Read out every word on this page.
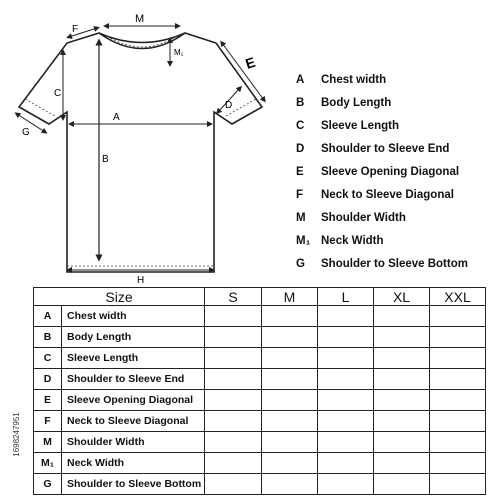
M
M₁
F
E
C
A
D
G
B
H
A	Chest width
B	Body Length
C	Sleeve Length
D	Shoulder to Sleeve End
E	Sleeve Opening Diagonal
F	Neck to Sleeve Diagonal
M	Shoulder Width
M₁ Neck Width
G	Shoulder to Sleeve Bottom
Size		S	M	L	XL	XXL
A	Chest width					
B	Body Length					
C	Sleeve Length					
D	Shoulder to Sleeve End					
E	Sleeve Opening Diagonal					
F	Neck to Sleeve Diagonal					
M	Shoulder Width					
M₁	Neck Width					
G	Shoulder to Sleeve Bottom					
1698247951
